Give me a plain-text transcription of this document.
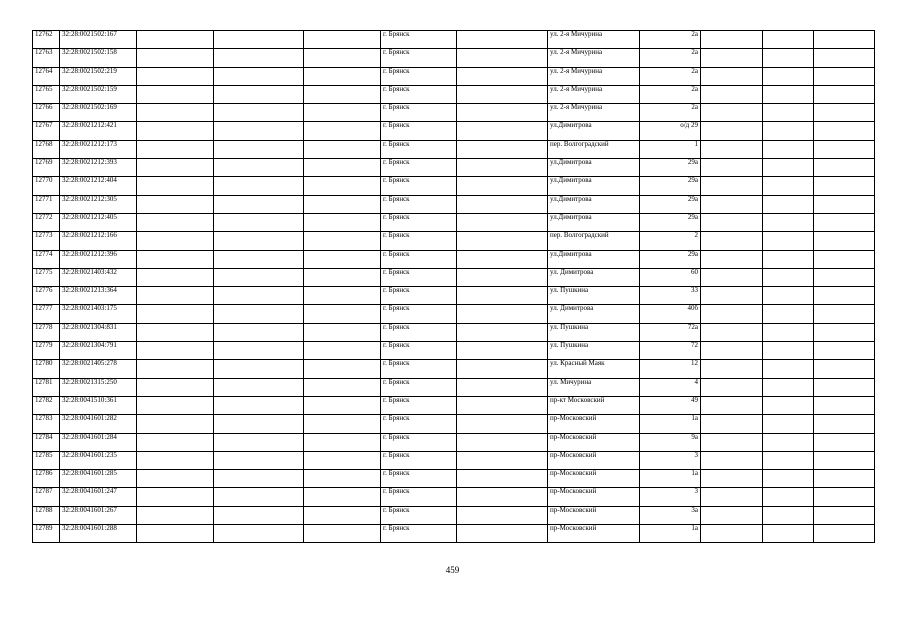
12762	32:28:0021502:167				г. Брянск		ул. 2-я Мичурина	2а			
12763	32:28:0021502:158				г. Брянск		ул. 2-я Мичурина	2а			
12764	32:28:0021502:219				г. Брянск		ул. 2-я Мичурина	2а			
12765	32:28:0021502:159				г. Брянск		ул. 2-я Мичурина	2а			
12766	32:28:0021502:169				г. Брянск		ул. 2-я Мичурина	2а			
12767	32:28:0021212:421				г. Брянск		ул.Димитрова	о/д 29			
12768	32:28:0021212:173				г. Брянск		пер. Волгоградский	1			
12769	32:28:0021212:393				г. Брянск		ул.Димитрова	29а			
12770	32:28:0021212:404				г. Брянск		ул.Димитрова	29а			
12771	32:28:0021212:305				г. Брянск		ул.Димитрова	29а			
12772	32:28:0021212:405				г. Брянск		ул.Димитрова	29а			
12773	32:28:0021212:166				г. Брянск		пер. Волгоградский	2			
12774	32:28:0021212:396				г. Брянск		ул.Димитрова	29а			
12775	32:28:0021403:432				г. Брянск		ул. Димитрова	60			
12776	32:28:0021213:364				г. Брянск		ул. Пушкина	33			
12777	32:28:0021403:175				г. Брянск		ул. Димитрова	40б			
12778	32:28:0021304:831				г. Брянск		ул. Пушкина	72а			
12779	32:28:0021304:791				г. Брянск		ул. Пушкина	72			
12780	32:28:0021405:278				г. Брянск		ул. Красный Маяк	12			
12781	32:28:0021315:250				г. Брянск		ул. Мичурина	4			
12782	32:28:0041510:361				г. Брянск		пр-кт Московский	49			
12783	32:28:0041601:282				г. Брянск		пр-Московский	1а			
12784	32:28:0041601:284				г. Брянск		пр-Московский	9а			
12785	32:28:0041601:235				г. Брянск		пр-Московский	3			
12786	32:28:0041601:285				г. Брянск		пр-Московский	1а			
12787	32:28:0041601:247				г. Брянск		пр-Московский	3			
12788	32:28:0041601:267				г. Брянск		пр-Московский	3а			
12789	32:28:0041601:288				г. Брянск		пр-Московский	1а			
459
